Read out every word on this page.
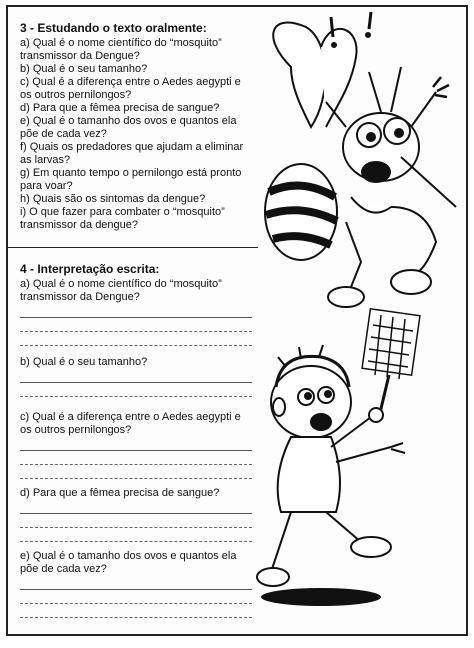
3 - Estudando o texto oralmente:

a) Qual é o nome científico do “mosquito” transmissor da Dengue?

b) Qual é o seu tamanho?

c) Qual é a diferença entre o Aedes aegypti e os outros pernilongos?

d) Para que a fêmea precisa de sangue?

e) Qual é o tamanho dos ovos e quantos ela põe de cada vez?

f) Quais os predadores que ajudam a eliminar as larvas?

g) Em quanto tempo o pernilongo está pronto para voar?

h) Quais são os sintomas da dengue?

i) O que fazer para combater o “mosquito” transmissor da dengue?

4 - Interpretação escrita:

a) Qual é o nome científico do “mosquito” transmissor da Dengue?

b) Qual é o seu tamanho?

c) Qual é a diferença entre o Aedes aegypti e os outros pernilongos?

d) Para que a fêmea precisa de sangue?

e) Qual é o tamanho dos ovos e quantos ela põe de cada vez?
